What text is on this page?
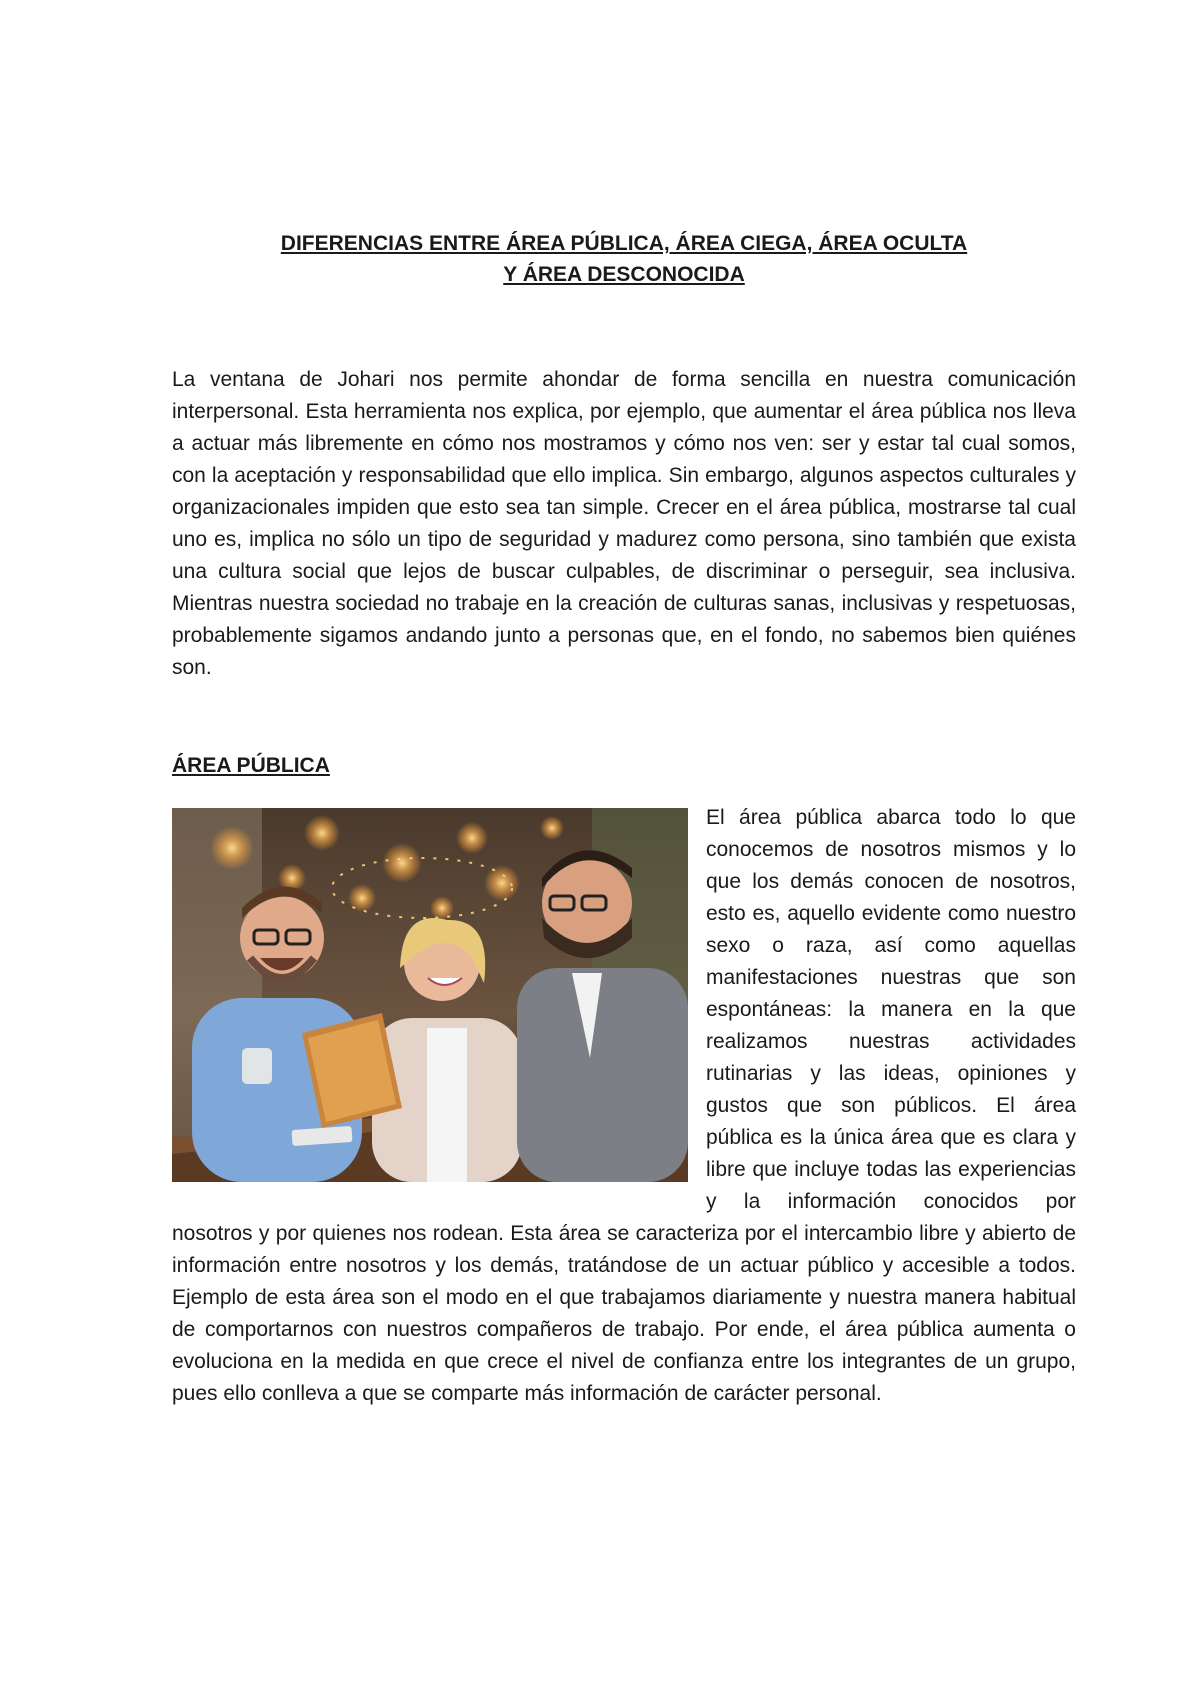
DIFERENCIAS ENTRE ÁREA PÚBLICA, ÁREA CIEGA, ÁREA OCULTA
Y ÁREA DESCONOCIDA

La ventana de Johari nos permite ahondar de forma sencilla en nuestra comunicación interpersonal. Esta herramienta nos explica, por ejemplo, que aumentar el área pública nos lleva a actuar más libremente en cómo nos mostramos y cómo nos ven: ser y estar tal cual somos, con la aceptación y responsabilidad que ello implica. Sin embargo, algunos aspectos culturales y organizacionales impiden que esto sea tan simple. Crecer en el área pública, mostrarse tal cual uno es, implica no sólo un tipo de seguridad y madurez como persona, sino también que exista una cultura social que lejos de buscar culpables, de discriminar o perseguir, sea inclusiva. Mientras nuestra sociedad no trabaje en la creación de culturas sanas, inclusivas y respetuosas, probablemente sigamos andando junto a personas que, en el fondo, no sabemos bien quiénes son.

ÁREA PÚBLICA

El área pública abarca todo lo que conocemos de nosotros mismos y lo que los demás conocen de nosotros, esto es, aquello evidente como nuestro sexo o raza, así como aquellas manifestaciones nuestras que son espontáneas: la manera en la que realizamos nuestras actividades rutinarias y las ideas, opiniones y gustos que son públicos. El área pública es la única área que es clara y libre que incluye todas las experiencias y la información conocidos por nosotros y por quienes nos rodean. Esta área se caracteriza por el intercambio libre y abierto de información entre nosotros y los demás, tratándose de un actuar público y accesible a todos. Ejemplo de esta área son el modo en el que trabajamos diariamente y nuestra manera habitual de comportarnos con nuestros compañeros de trabajo. Por ende, el área pública aumenta o evoluciona en la medida en que crece el nivel de confianza entre los integrantes de un grupo, pues ello conlleva a que se comparte más información de carácter personal.
